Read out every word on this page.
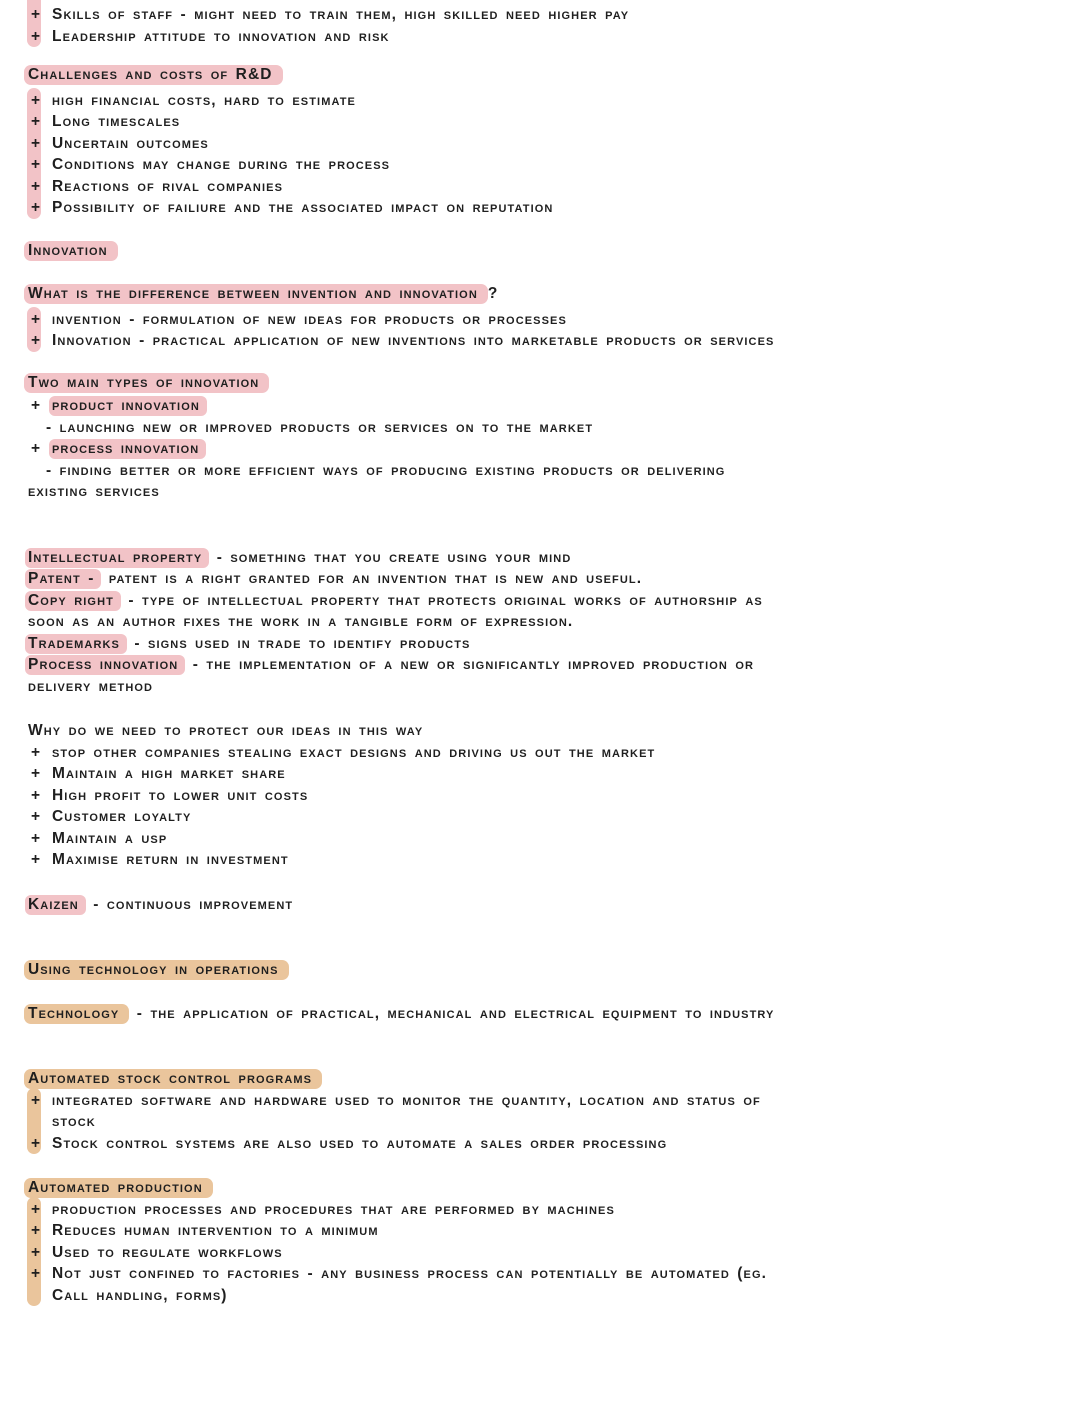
+ Skills of staff - might need to train them, high skilled need higher pay
+ Leadership attitude to innovation and risk
Challenges and costs of R&D
+ high financial costs, hard to estimate
+ Long timescales
+ Uncertain outcomes
+ Conditions may change during the process
+ Reactions of rival companies
+ Possibility of failiure and the associated impact on reputation
Innovation
What is the difference between invention and innovation ?
+ invention - formulation of new ideas for products or processes
+ Innovation - practical application of new inventions into marketable products or services
Two main types of innovation
+ product innovation
- launching new or improved products or services on to the market
+ process innovation
- finding better or more efficient ways of producing existing products or delivering
existing services
Intellectual property - something that you create using your mind
Patent - patent is a right granted for an invention that is new and useful.
Copy right - type of intellectual property that protects original works of authorship as
soon as an author fixes the work in a tangible form of expression.
Trademarks - signs used in trade to identify products
Process innovation - the implementation of a new or significantly improved production or
delivery method
Why do we need to protect our ideas in this way
+ stop other companies stealing exact designs and driving us out the market
+ Maintain a high market share
+ High profit to lower unit costs
+ Customer loyalty
+ Maintain a usp
+ Maximise return in investment
Kaizen - continuous improvement
Using technology in operations
Technology - the application of practical, mechanical and electrical equipment to industry
Automated stock control programs
+ integrated software and hardware used to monitor the quantity, location and status of
stock
+ Stock control systems are also used to automate a sales order processing
Automated production
+ production processes and procedures that are performed by machines
+ Reduces human intervention to a minimum
+ Used to regulate workflows
+ Not just confined to factories - any business process can potentially be automated (eg.
Call handling, forms)
